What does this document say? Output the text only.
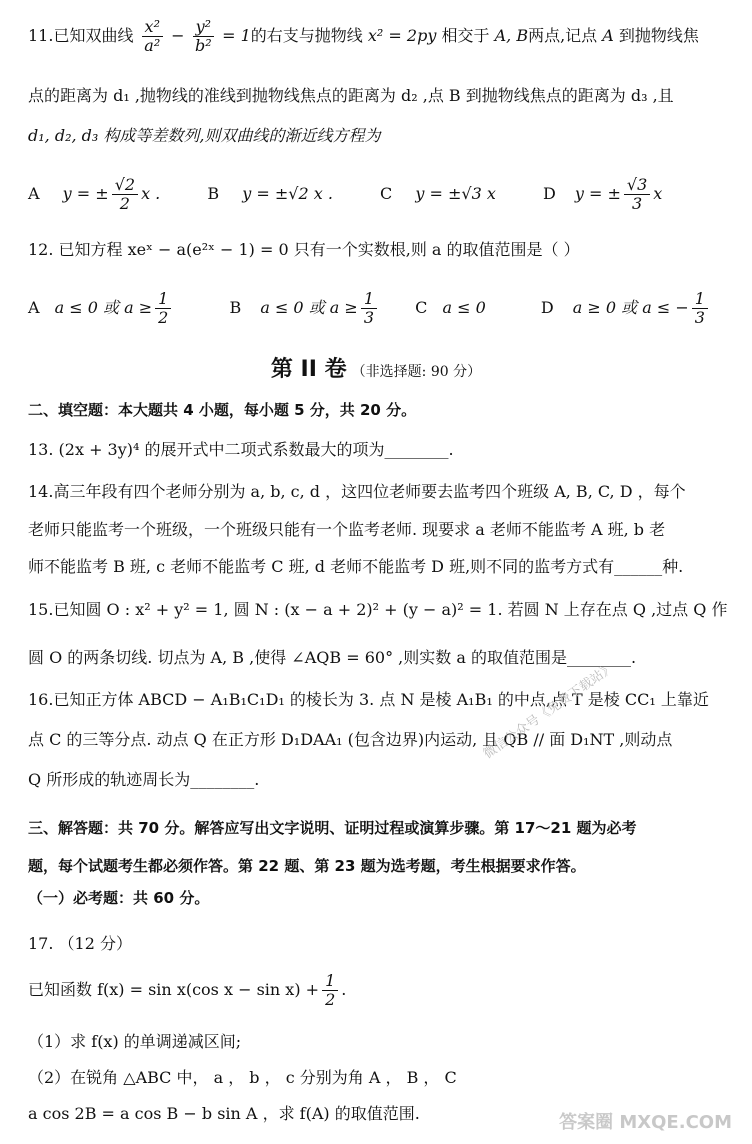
11.已知双曲线 $\frac{\text{x²}}{\text{a²}} - \frac{\text{y²}}{\text{b²}} = 1$的右支与抛物线 x² = 2py 相交于 A, B两点,记点 A 到抛物线焦
点的距离为 d₁ ,抛物线的准线到抛物线焦点的距离为 d₂ ,点 B 到抛物线焦点的距离为 d₃ ,且
d₁, d₂, d₃ 构成等差数列,则双曲线的渐近线方程为
A y = ± $\frac{√2}{2}$ x .	B y = ±√2 x .	C y = ±√3 x	D y = ± $\frac{√3}{3}$ x
12. 已知方程 xeˣ − a(e²ˣ − 1) = 0 只有一个实数根,则 a 的取值范围是（ ）
A a ≤ 0 或 $a \ge \frac{1}{2}$	B a ≤ 0 或 $a \ge \frac{1}{3}$ C a ≤ 0	D a ≥ 0 或 a ≤ − $\frac{1}{3}$
第 II 卷 （非选择题: 90 分）
二、填空题：本大题共 4 小题，每小题 5 分，共 20 分。
13. (2x + 3y)⁴ 的展开式中二项式系数最大的项为________.
14.高三年段有四个老师分别为 a, b, c, d ，这四位老师要去监考四个班级 A, B, C, D ，每个
老师只能监考一个班级，一个班级只能有一个监考老师. 现要求 a 老师不能监考 A 班, b 老
师不能监考 B 班, c 老师不能监考 C 班, d 老师不能监考 D 班,则不同的监考方式有______种.
15.已知圆 O : x² + y² = 1, 圆 N : (x − a + 2)² + (y − a)² = 1. 若圆 N 上存在点 Q ,过点 Q 作
圆 O 的两条切线. 切点为 A, B ,使得 ∠AQB = 60° ,则实数 a 的取值范围是________.
16.已知正方体 ABCD − A₁B₁C₁D₁ 的棱长为 3. 点 N 是棱 A₁B₁ 的中点,点 T 是棱 CC₁ 上靠近
点 C 的三等分点. 动点 Q 在正方形 D₁DAA₁ (包含边界)内运动, 且 QB // 面 D₁NT ,则动点
Q 所形成的轨迹周长为________.
三、解答题：共 70 分。解答应写出文字说明、证明过程或演算步骤。第 17～21 题为必考
题，每个试题考生都必须作答。第 22 题、第 23 题为选考题，考生根据要求作答。
（一）必考题：共 60 分。
17. （12 分）
已知函数 f(x) = sin x(cos $x - \sin x) + \frac{1}{2}$ .
（1）求 f(x) 的单调递减区间;
（2）在锐角 △ABC 中， a ， b ， c 分别为角 A ， B ， C
a cos 2B = a cos B − b sin A ，求 f(A) 的取值范围.
微信公众号《免费下载站》
答案圈 MXQE.COM
